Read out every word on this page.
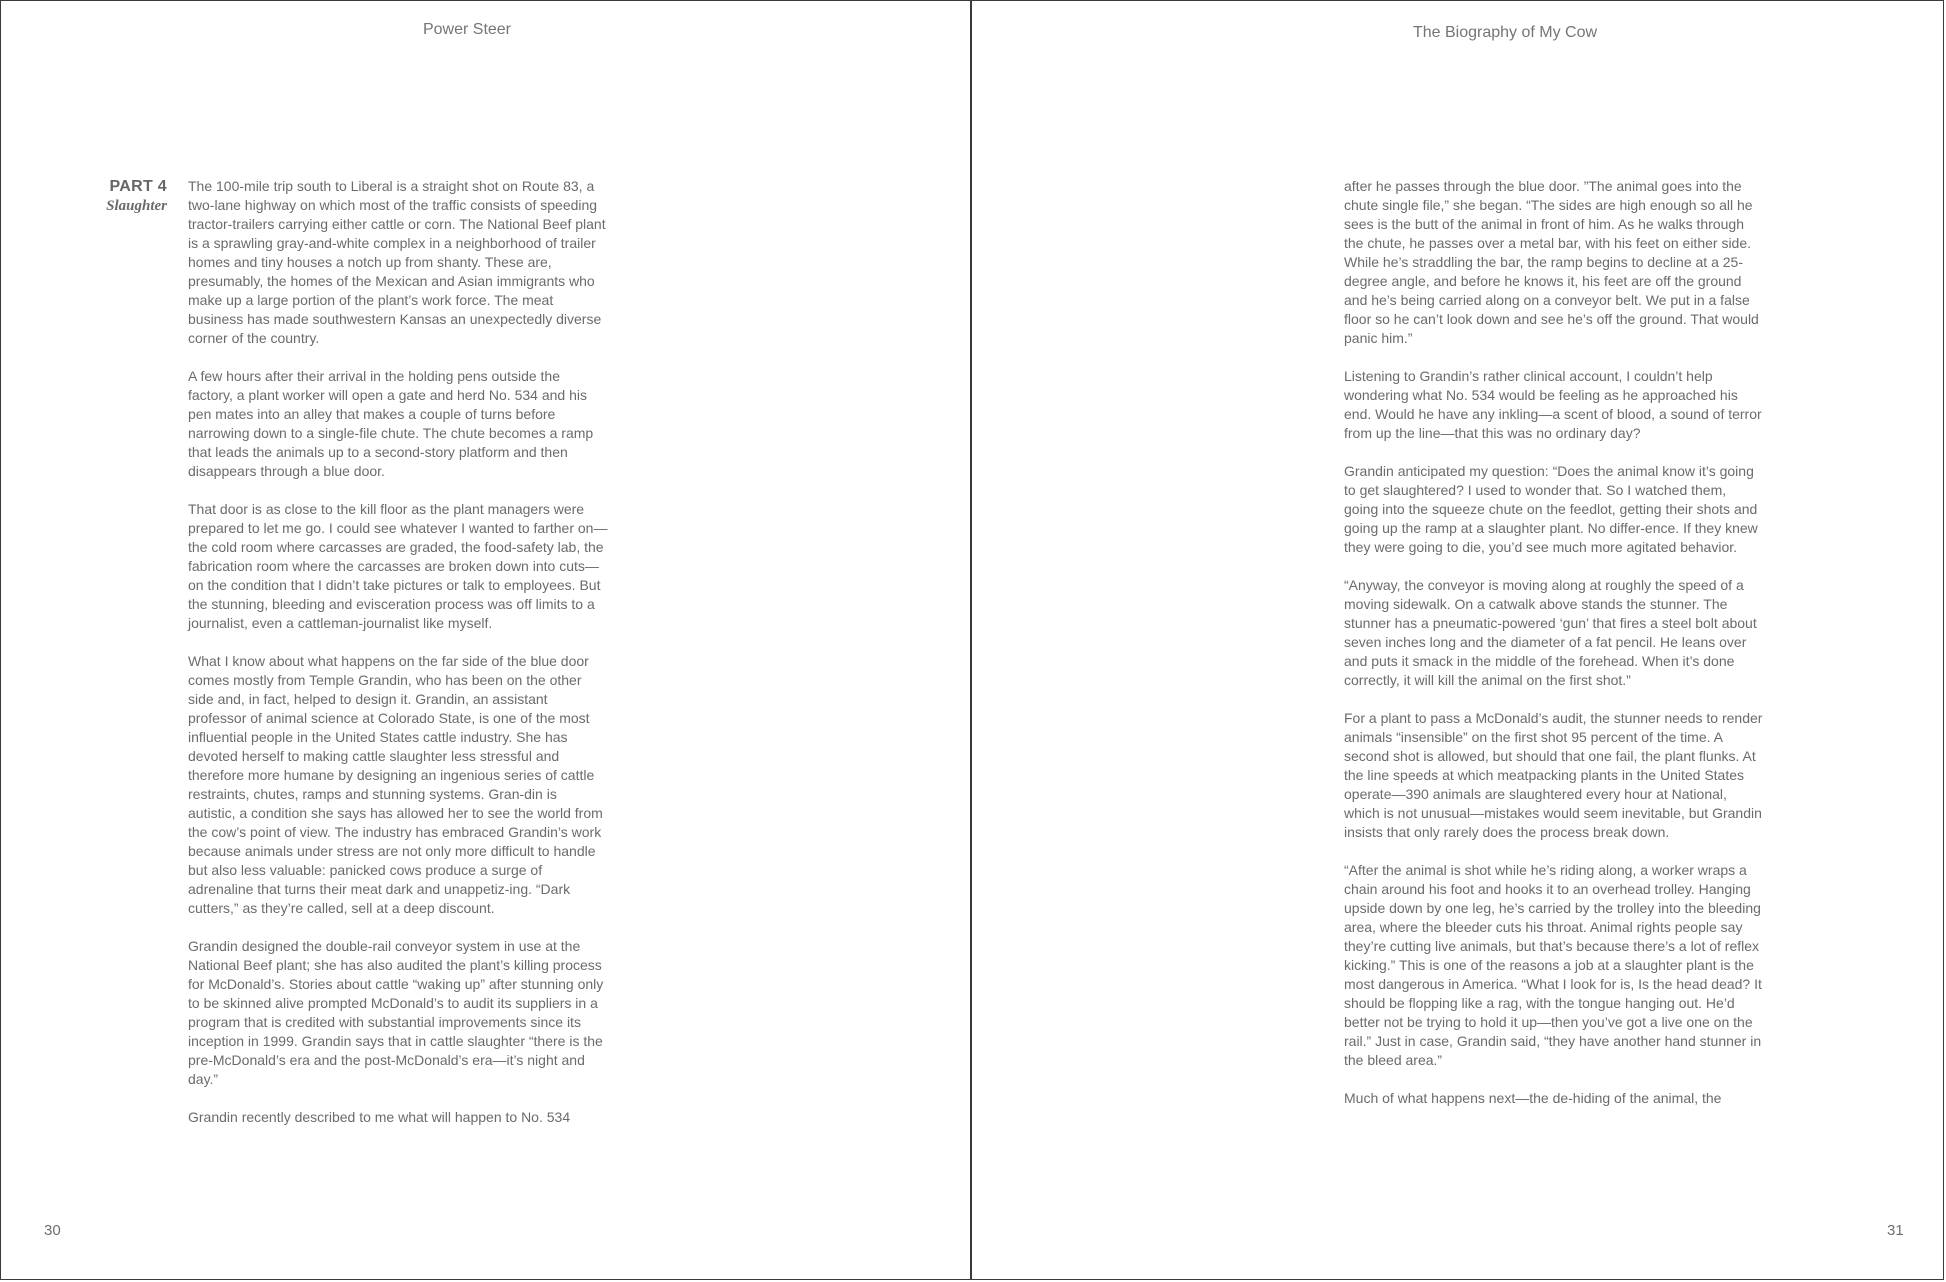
Power Steer
PART 4
Slaughter

The 100-mile trip south to Liberal is a straight shot on Route 83, a two-lane highway on which most of the traffic consists of speeding tractor-trailers carrying either cattle or corn. The National Beef plant is a sprawling gray-and-white complex in a neighborhood of trailer homes and tiny houses a notch up from shanty. These are, presumably, the homes of the Mexican and Asian immigrants who make up a large portion of the plant’s work force. The meat business has made southwestern Kansas an unexpectedly diverse corner of the country.

A few hours after their arrival in the holding pens outside the factory, a plant worker will open a gate and herd No. 534 and his pen mates into an alley that makes a couple of turns before narrowing down to a single-file chute. The chute becomes a ramp that leads the animals up to a second-story platform and then disappears through a blue door.

That door is as close to the kill floor as the plant managers were prepared to let me go. I could see whatever I wanted to farther on—the cold room where carcasses are graded, the food-safety lab, the fabrication room where the carcasses are broken down into cuts—on the condition that I didn’t take pictures or talk to employees. But the stunning, bleeding and evisceration process was off limits to a journalist, even a cattleman-journalist like myself.

What I know about what happens on the far side of the blue door comes mostly from Temple Grandin, who has been on the other side and, in fact, helped to design it. Grandin, an assistant professor of animal science at Colorado State, is one of the most influential people in the United States cattle industry. She has devoted herself to making cattle slaughter less stressful and therefore more humane by designing an ingenious series of cattle restraints, chutes, ramps and stunning systems. Gran-din is autistic, a condition she says has allowed her to see the world from the cow’s point of view. The industry has embraced Grandin’s work because animals under stress are not only more difficult to handle but also less valuable: panicked cows produce a surge of adrenaline that turns their meat dark and unappetiz-ing. “Dark cutters,” as they’re called, sell at a deep discount.

Grandin designed the double-rail conveyor system in use at the National Beef plant; she has also audited the plant’s killing process for McDonald’s. Stories about cattle “waking up” after stunning only to be skinned alive prompted McDonald’s to audit its suppliers in a program that is credited with substantial improvements since its inception in 1999. Grandin says that in cattle slaughter “there is the pre-McDonald’s era and the post-McDonald’s era—it’s night and day.”

Grandin recently described to me what will happen to No. 534

30
The Biography of My Cow

after he passes through the blue door. ”The animal goes into the chute single file,” she began. “The sides are high enough so all he sees is the butt of the animal in front of him. As he walks through the chute, he passes over a metal bar, with his feet on either side. While he’s straddling the bar, the ramp begins to decline at a 25-degree angle, and before he knows it, his feet are off the ground and he’s being carried along on a conveyor belt. We put in a false floor so he can’t look down and see he’s off the ground. That would panic him.”

Listening to Grandin’s rather clinical account, I couldn’t help wondering what No. 534 would be feeling as he approached his end. Would he have any inkling—a scent of blood, a sound of terror from up the line—that this was no ordinary day?

Grandin anticipated my question: “Does the animal know it’s going to get slaughtered? I used to wonder that. So I watched them, going into the squeeze chute on the feedlot, getting their shots and going up the ramp at a slaughter plant. No differ-ence. If they knew they were going to die, you’d see much more agitated behavior.

“Anyway, the conveyor is moving along at roughly the speed of a moving sidewalk. On a catwalk above stands the stunner. The stunner has a pneumatic-powered ‘gun’ that fires a steel bolt about seven inches long and the diameter of a fat pencil. He leans over and puts it smack in the middle of the forehead. When it’s done correctly, it will kill the animal on the first shot.”

For a plant to pass a McDonald’s audit, the stunner needs to render animals “insensible” on the first shot 95 percent of the time. A second shot is allowed, but should that one fail, the plant flunks. At the line speeds at which meatpacking plants in the United States operate—390 animals are slaughtered every hour at National, which is not unusual—mistakes would seem inevitable, but Grandin insists that only rarely does the process break down.

“After the animal is shot while he’s riding along, a worker wraps a chain around his foot and hooks it to an overhead trolley. Hanging upside down by one leg, he’s carried by the trolley into the bleeding area, where the bleeder cuts his throat. Animal rights people say they’re cutting live animals, but that’s because there’s a lot of reflex kicking.” This is one of the reasons a job at a slaughter plant is the most dangerous in America. “What I look for is, Is the head dead? It should be flopping like a rag, with the tongue hanging out. He’d better not be trying to hold it up—then you’ve got a live one on the rail.” Just in case, Grandin said, “they have another hand stunner in the bleed area.”

Much of what happens next—the de-hiding of the animal, the

31
